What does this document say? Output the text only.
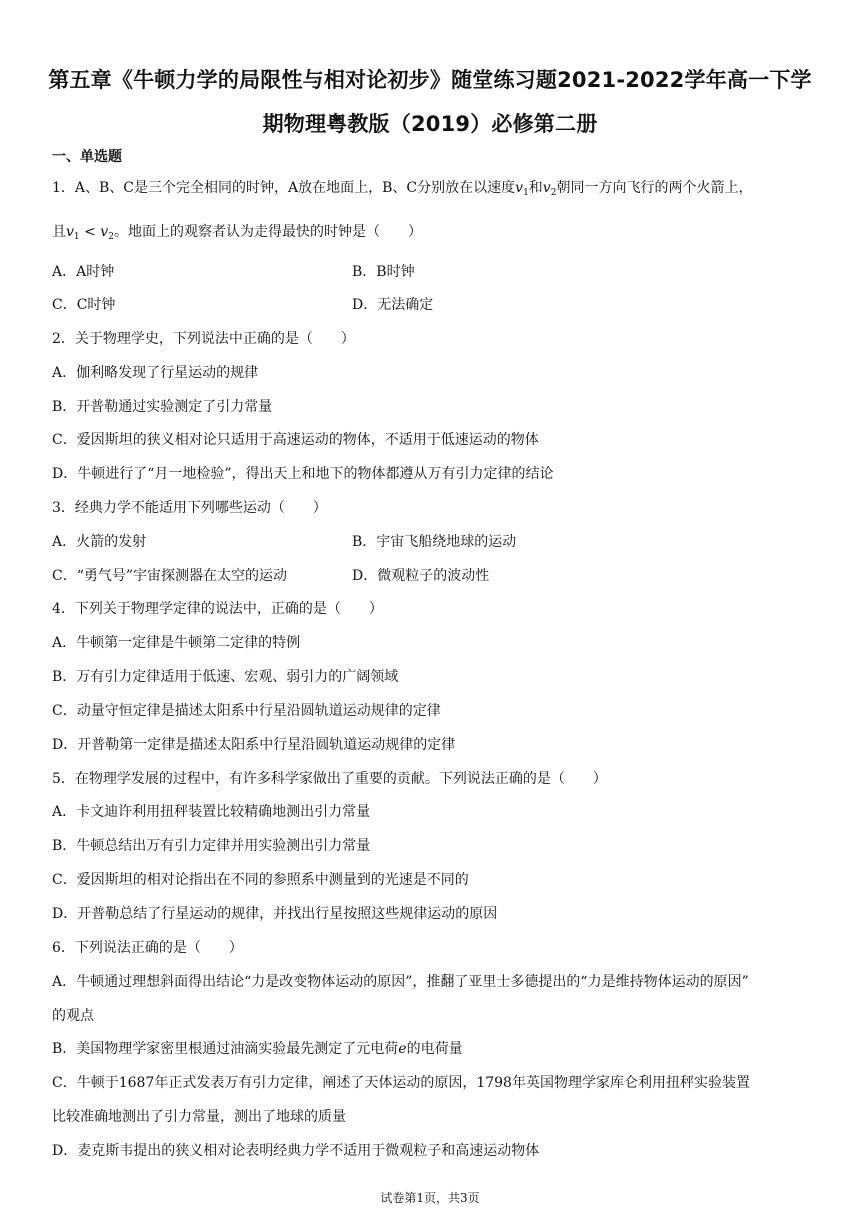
第五章《牛顿力学的局限性与相对论初步》随堂练习题2021-2022学年高一下学
期物理粤教版（2019）必修第二册
一、单选题
1．A、B、C是三个完全相同的时钟，A放在地面上，B、C分别放在以速度$v_1$和$v_2$朝同一方向飞行的两个火箭上，
且$v_1 < v_2$。地面上的观察者认为走得最快的时钟是（　　）
A．A时钟	B．B时钟
C．C时钟	D．无法确定
2．关于物理学史，下列说法中正确的是（　　）
A．伽利略发现了行星运动的规律
B．开普勒通过实验测定了引力常量
C．爱因斯坦的狭义相对论只适用于高速运动的物体，不适用于低速运动的物体
D．牛顿进行了“月一地检验”，得出天上和地下的物体都遵从万有引力定律的结论
3．经典力学不能适用下列哪些运动（　　）
A．火箭的发射	B．宇宙飞船绕地球的运动
C．“勇气号”宇宙探测器在太空的运动	D．微观粒子的波动性
4．下列关于物理学定律的说法中，正确的是（　　）
A．牛顿第一定律是牛顿第二定律的特例
B．万有引力定律适用于低速、宏观、弱引力的广阔领域
C．动量守恒定律是描述太阳系中行星沿圆轨道运动规律的定律
D．开普勒第一定律是描述太阳系中行星沿圆轨道运动规律的定律
5．在物理学发展的过程中，有许多科学家做出了重要的贡献。下列说法正确的是（　　）
A．卡文迪许利用扭秤装置比较精确地测出引力常量
B．牛顿总结出万有引力定律并用实验测出引力常量
C．爱因斯坦的相对论指出在不同的参照系中测量到的光速是不同的
D．开普勒总结了行星运动的规律，并找出行星按照这些规律运动的原因
6．下列说法正确的是（　　）
A．牛顿通过理想斜面得出结论“力是改变物体运动的原因”，推翻了亚里士多德提出的“力是维持物体运动的原因”
的观点
B．美国物理学家密里根通过油滴实验最先测定了元电荷e的电荷量
C．牛顿于1687年正式发表万有引力定律，阐述了天体运动的原因，1798年英国物理学家库仑利用扭秤实验装置
比较准确地测出了引力常量，测出了地球的质量
D．麦克斯韦提出的狭义相对论表明经典力学不适用于微观粒子和高速运动物体
试卷第1页，共3页
